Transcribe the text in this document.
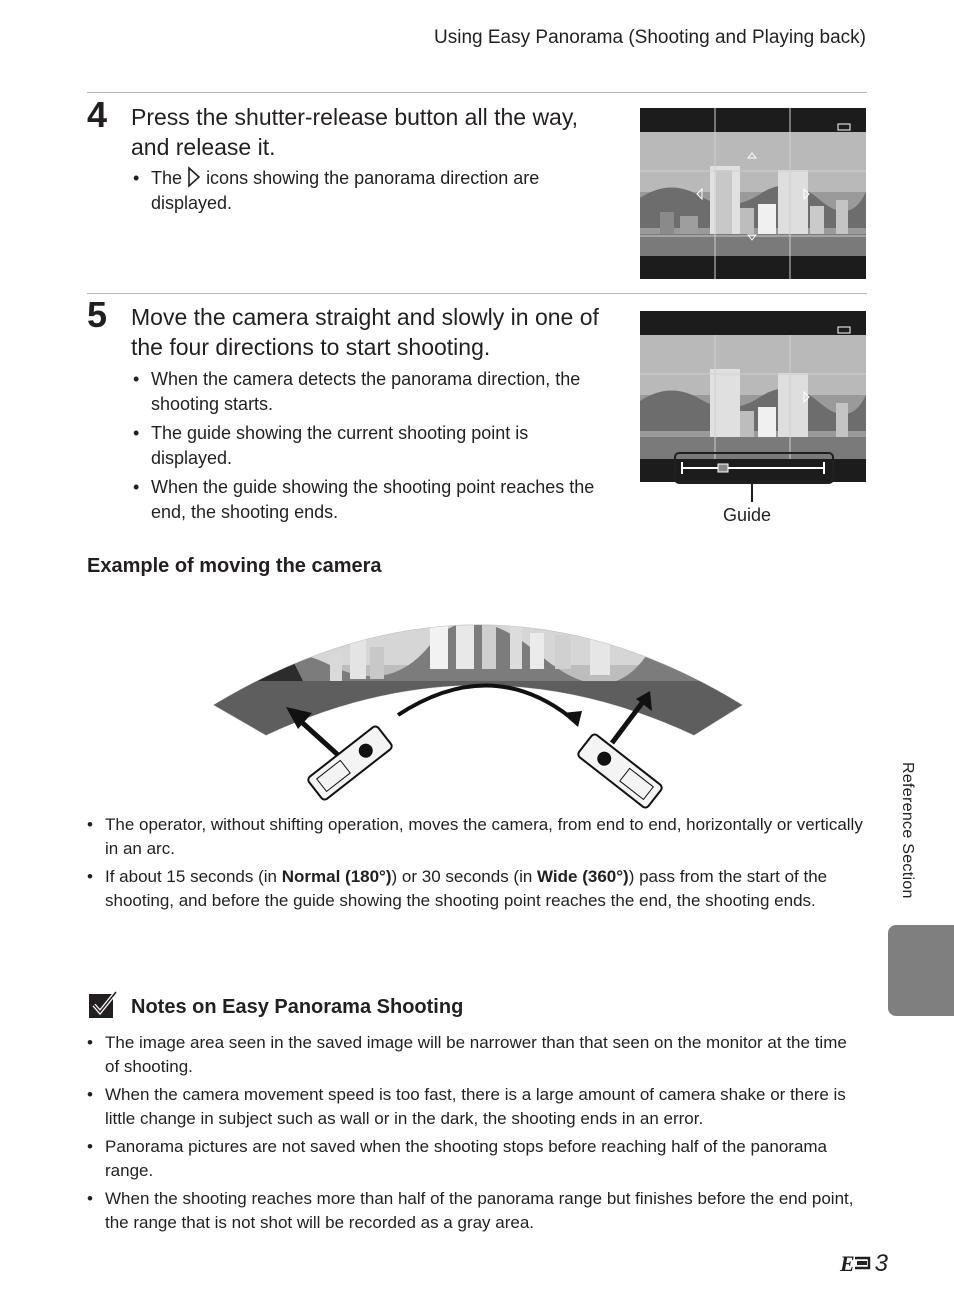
Using Easy Panorama (Shooting and Playing back)
4 Press the shutter-release button all the way, and release it.
• The icons showing the panorama direction are displayed.
5 Move the camera straight and slowly in one of the four directions to start shooting.
• When the camera detects the panorama direction, the shooting starts.
• The guide showing the current shooting point is displayed.
• When the guide showing the shooting point reaches the end, the shooting ends.	Guide
Example of moving the camera
• The operator, without shifting operation, moves the camera, from end to end, horizontally or vertically in an arc.
• If about 15 seconds (in Normal (180°)) or 30 seconds (in Wide (360°)) pass from the start of the shooting, and before the guide showing the shooting point reaches the end, the shooting ends.
Notes on Easy Panorama Shooting
• The image area seen in the saved image will be narrower than that seen on the monitor at the time of shooting.
• When the camera movement speed is too fast, there is a large amount of camera shake or there is little change in subject such as wall or in the dark, the shooting ends in an error.
• Panorama pictures are not saved when the shooting stops before reaching half of the panorama range.
• When the shooting reaches more than half of the panorama range but finishes before the end point, the range that is not shot will be recorded as a gray area.
Reference Section
E 3
